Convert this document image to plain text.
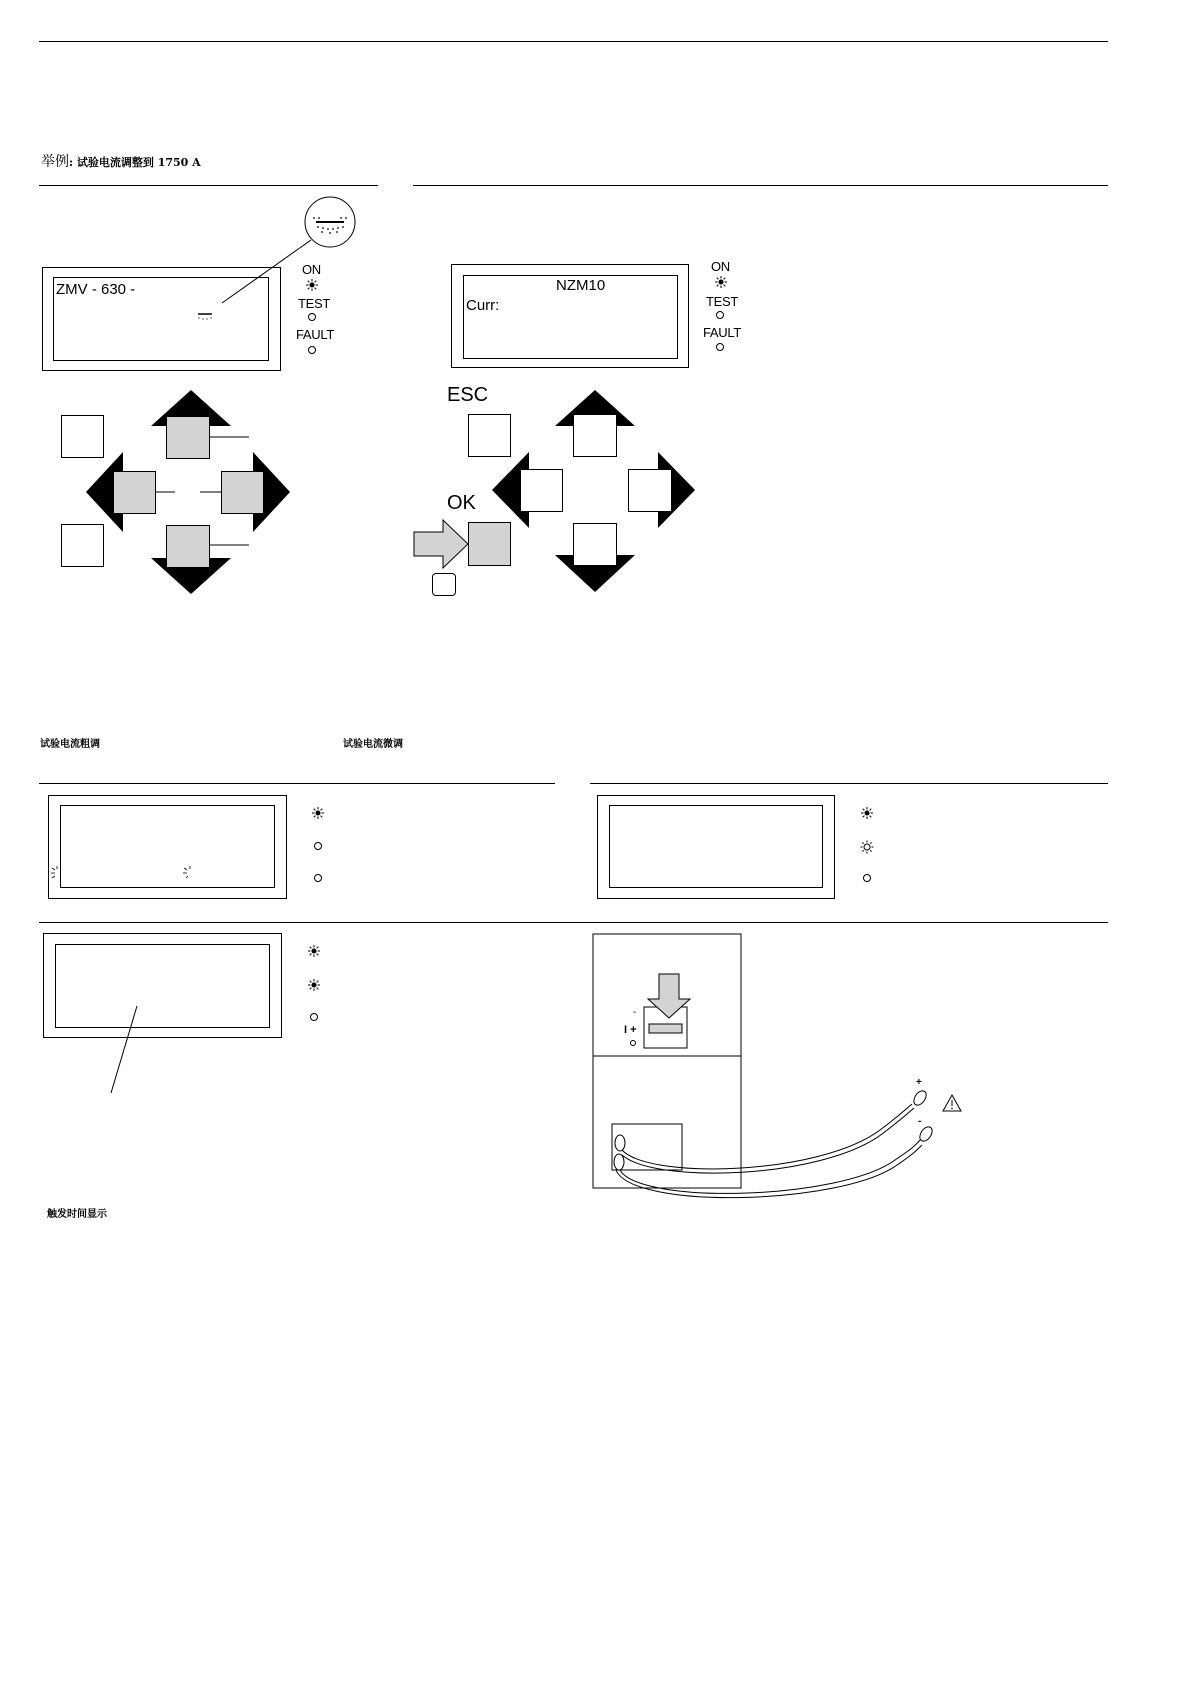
举例: 试验电流调整到 1750 A
ZMV - 630 -
ON
TEST
FAULT
NZM10
Curr:
ON
TEST
FAULT
ESC
OK
试验电流粗调	试验电流微调
触发时间显示
-
I +
+
-
